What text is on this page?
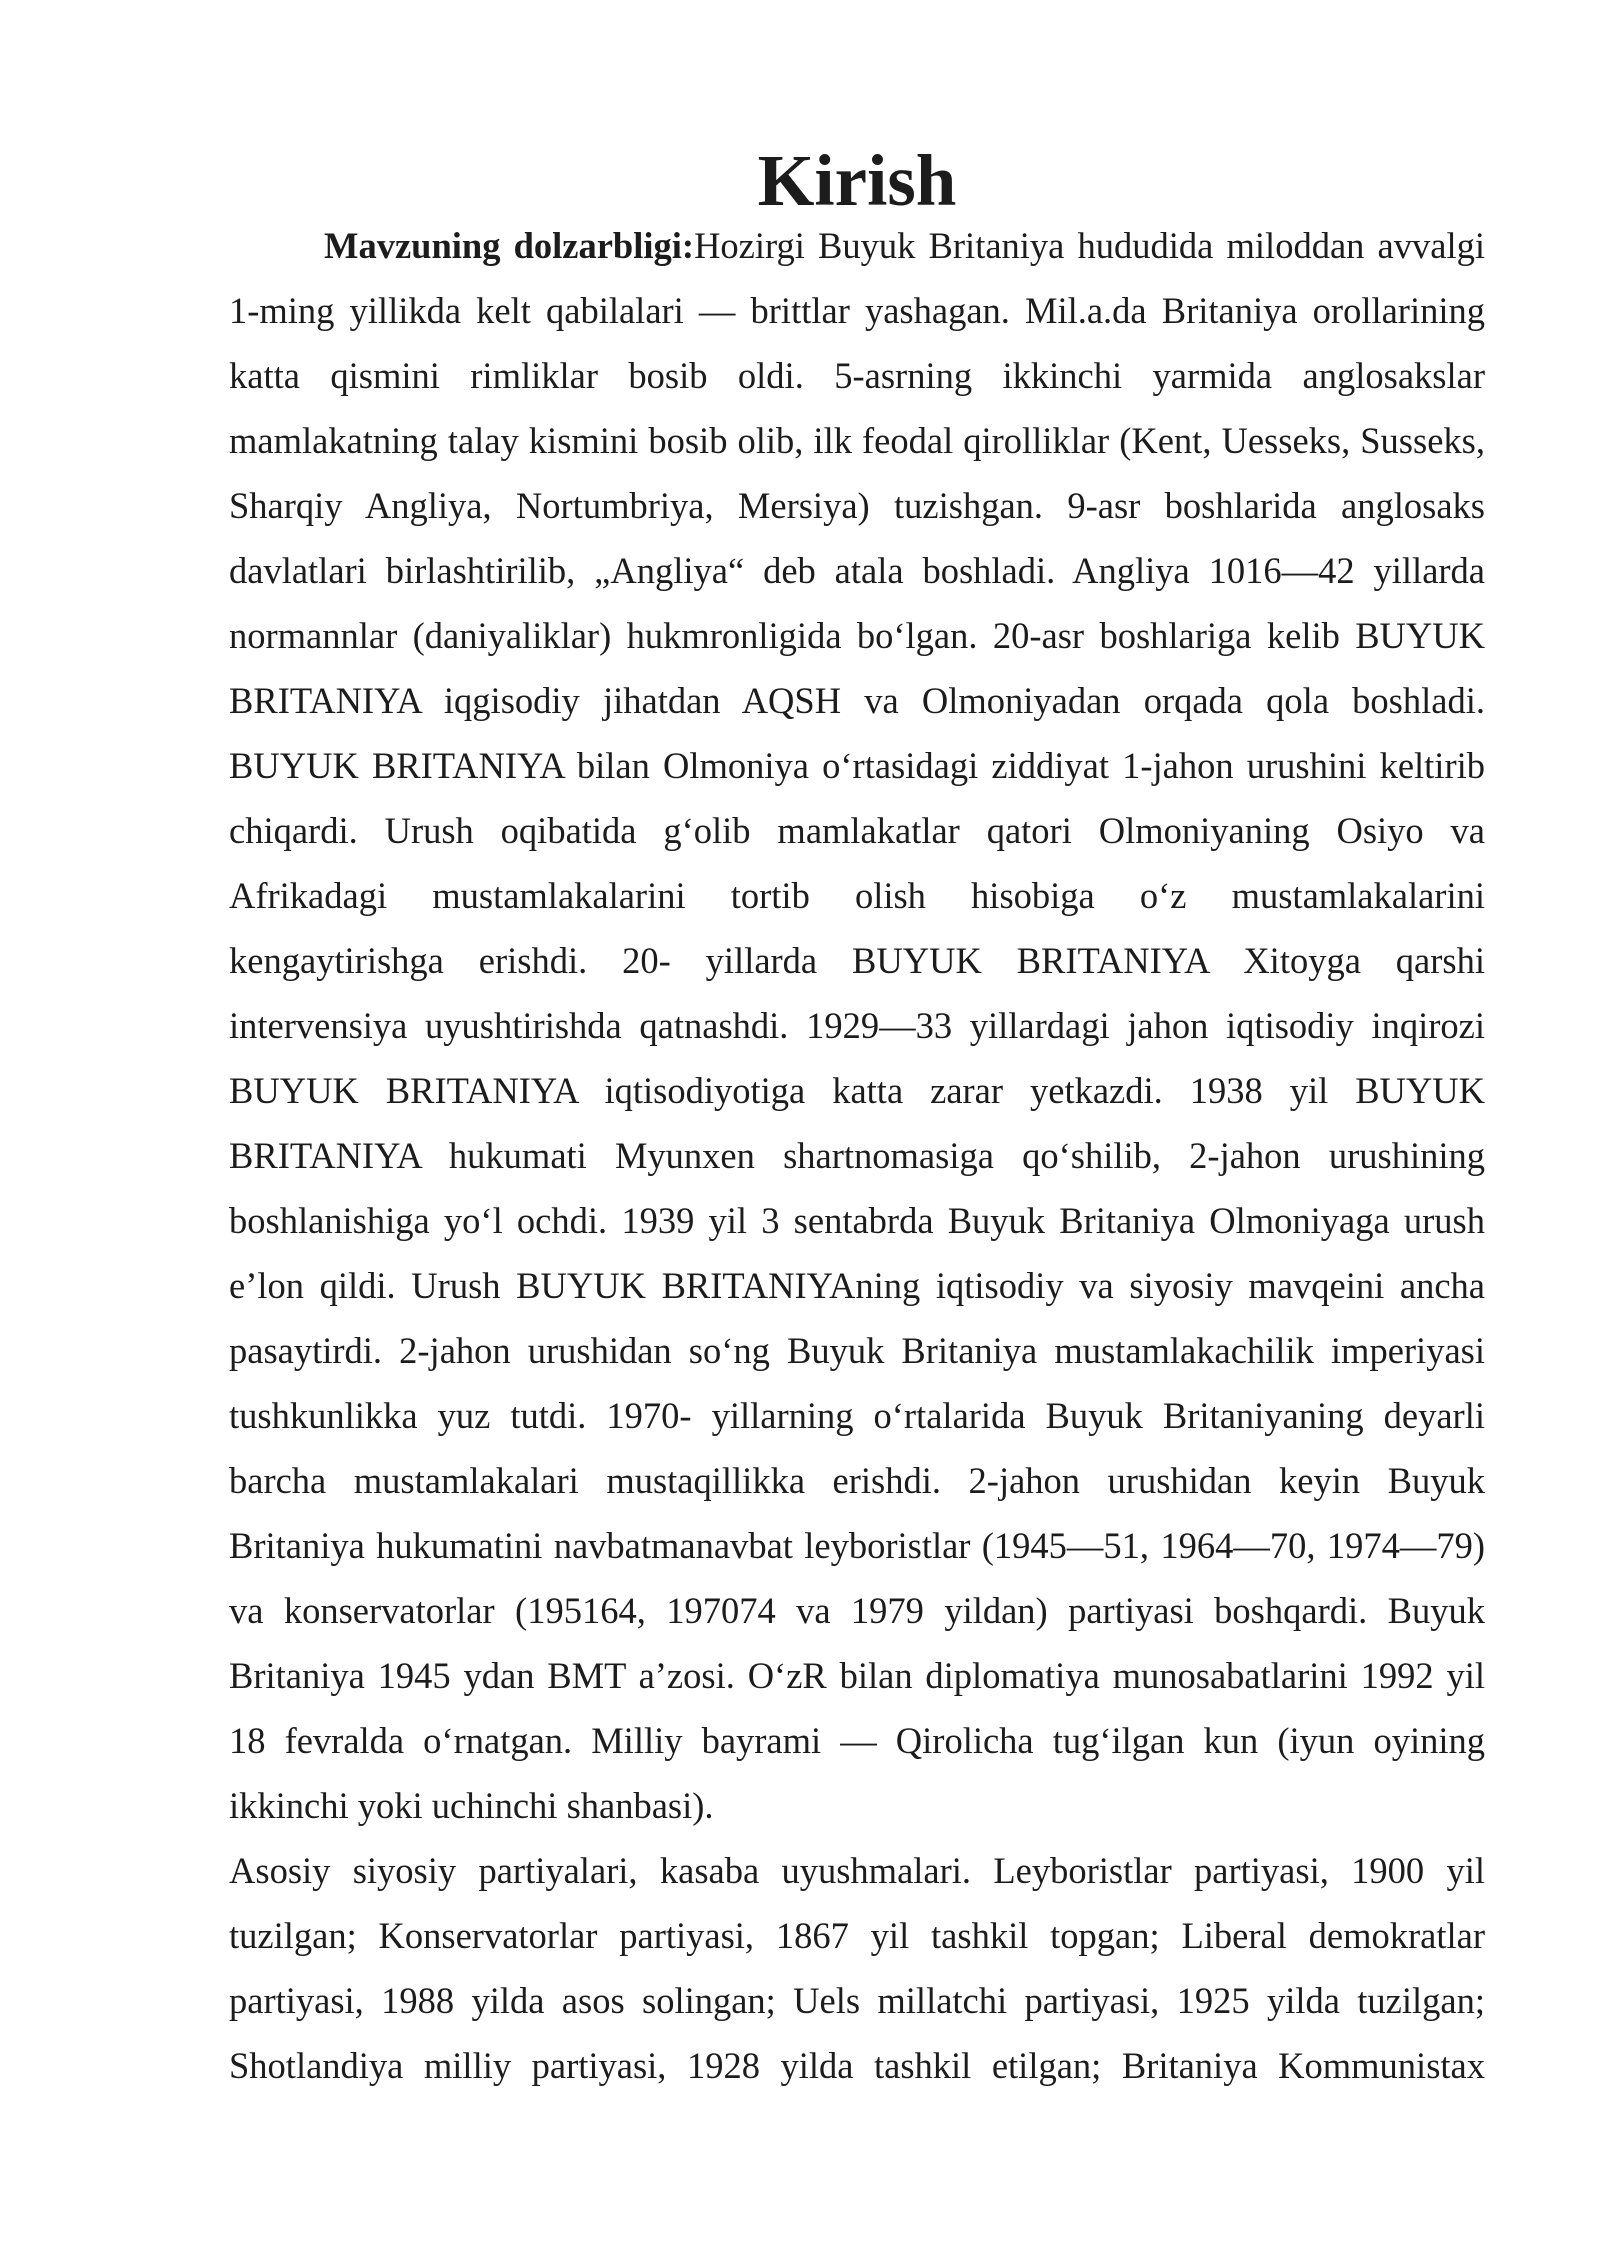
Kirish

Mavzuning dolzarbligi:Hozirgi Buyuk Britaniya hududida miloddan avvalgi 1-ming yillikda kelt qabilalari — brittlar yashagan. Mil.a.da Britaniya orollarining katta qismini rimliklar bosib oldi. 5-asrning ikkinchi yarmida anglosakslar mamlakatning talay kismini bosib olib, ilk feodal qirolliklar (Kent, Uesseks, Susseks, Sharqiy Angliya, Nortumbriya, Mersiya) tuzishgan. 9-asr boshlarida anglosaks davlatlari birlashtirilib, „Angliya“ deb atala boshladi. Angliya 1016—42 yillarda normannlar (daniyaliklar) hukmronligida bo‘lgan. 20-asr boshlariga kelib BUYUK BRITANIYA iqgisodiy jihatdan AQSH va Olmoniyadan orqada qola boshladi. BUYUK BRITANIYA bilan Olmoniya o‘rtasidagi ziddiyat 1-jahon urushini keltirib chiqardi. Urush oqibatida g‘olib mamlakatlar qatori Olmoniyaning Osiyo va Afrikadagi mustamlakalarini tortib olish hisobiga o‘z mustamlakalarini kengaytirishga erishdi. 20- yillarda BUYUK BRITANIYA Xitoyga qarshi intervensiya uyushtirishda qatnashdi. 1929—33 yillardagi jahon iqtisodiy inqirozi BUYUK BRITANIYA iqtisodiyotiga katta zarar yetkazdi. 1938 yil BUYUK BRITANIYA hukumati Myunxen shartnomasiga qo‘shilib, 2-jahon urushining boshlanishiga yo‘l ochdi. 1939 yil 3 sentabrda Buyuk Britaniya Olmoniyaga urush e’lon qildi. Urush BUYUK BRITANIYAning iqtisodiy va siyosiy mavqeini ancha pasaytirdi. 2-jahon urushidan so‘ng Buyuk Britaniya mustamlakachilik imperiyasi tushkunlikka yuz tutdi. 1970- yillarning o‘rtalarida Buyuk Britaniyaning deyarli barcha mustamlakalari mustaqillikka erishdi. 2-jahon urushidan keyin Buyuk Britaniya hukumatini navbatmanavbat leyboristlar (1945—51, 1964—70, 1974—79) va konservatorlar (195164, 197074 va 1979 yildan) partiyasi boshqardi. Buyuk Britaniya 1945 ydan BMT a’zosi. O‘zR bilan diplomatiya munosabatlarini 1992 yil 18 fevralda o‘rnatgan. Milliy bayrami — Qirolicha tug‘ilgan kun (iyun oyining ikkinchi yoki uchinchi shanbasi).

Asosiy siyosiy partiyalari, kasaba uyushmalari. Leyboristlar partiyasi, 1900 yil tuzilgan; Konservatorlar partiyasi, 1867 yil tashkil topgan; Liberal demokratlar partiyasi, 1988 yilda asos solingan; Uels millatchi partiyasi, 1925 yilda tuzilgan; Shotlandiya milliy partiyasi, 1928 yilda tashkil etilgan; Britaniya Kommunistax
